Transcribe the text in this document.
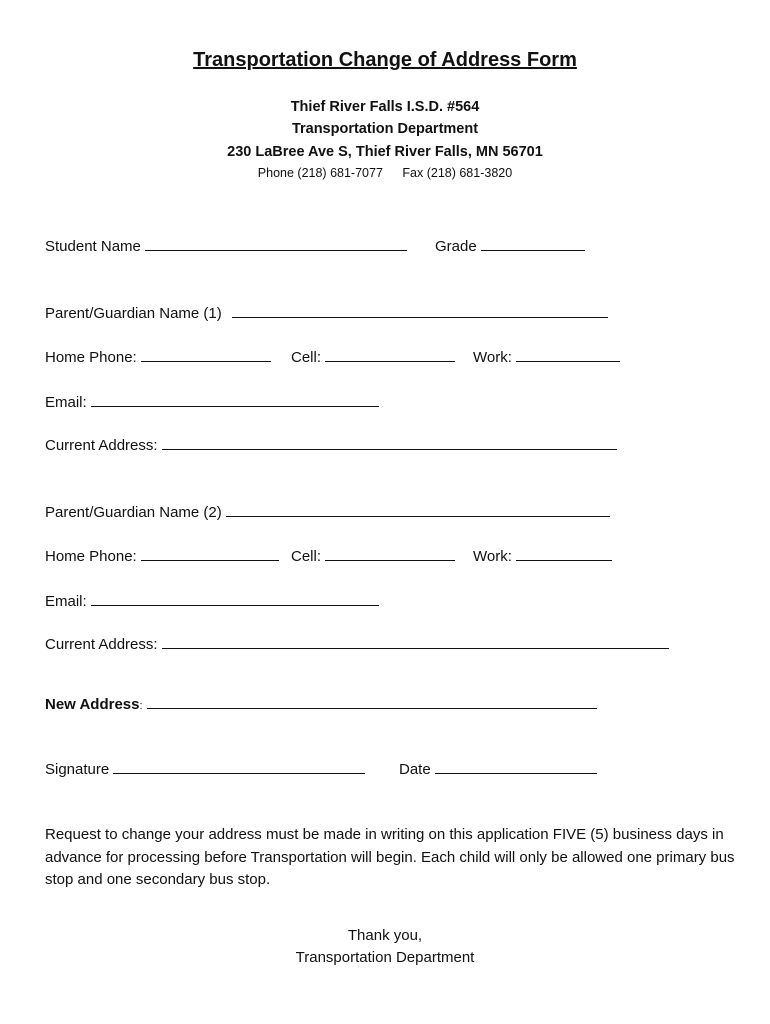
Transportation Change of Address Form
Thief River Falls I.S.D. #564
Transportation Department
230 LaBree Ave S, Thief River Falls, MN 56701
Phone (218) 681-7077 Fax (218) 681-3820
Student Name	Grade
Parent/Guardian Name (1)
Home Phone:	Cell:	Work:
Email:
Current Address:
Parent/Guardian Name (2)
Home Phone:	Cell:	Work:
Email:
Current Address:
New Address:
Signature	Date
Request to change your address must be made in writing on this application FIVE (5) business days in advance for processing before Transportation will begin. Each child will only be allowed one primary bus stop and one secondary bus stop.
Thank you,
Transportation Department
